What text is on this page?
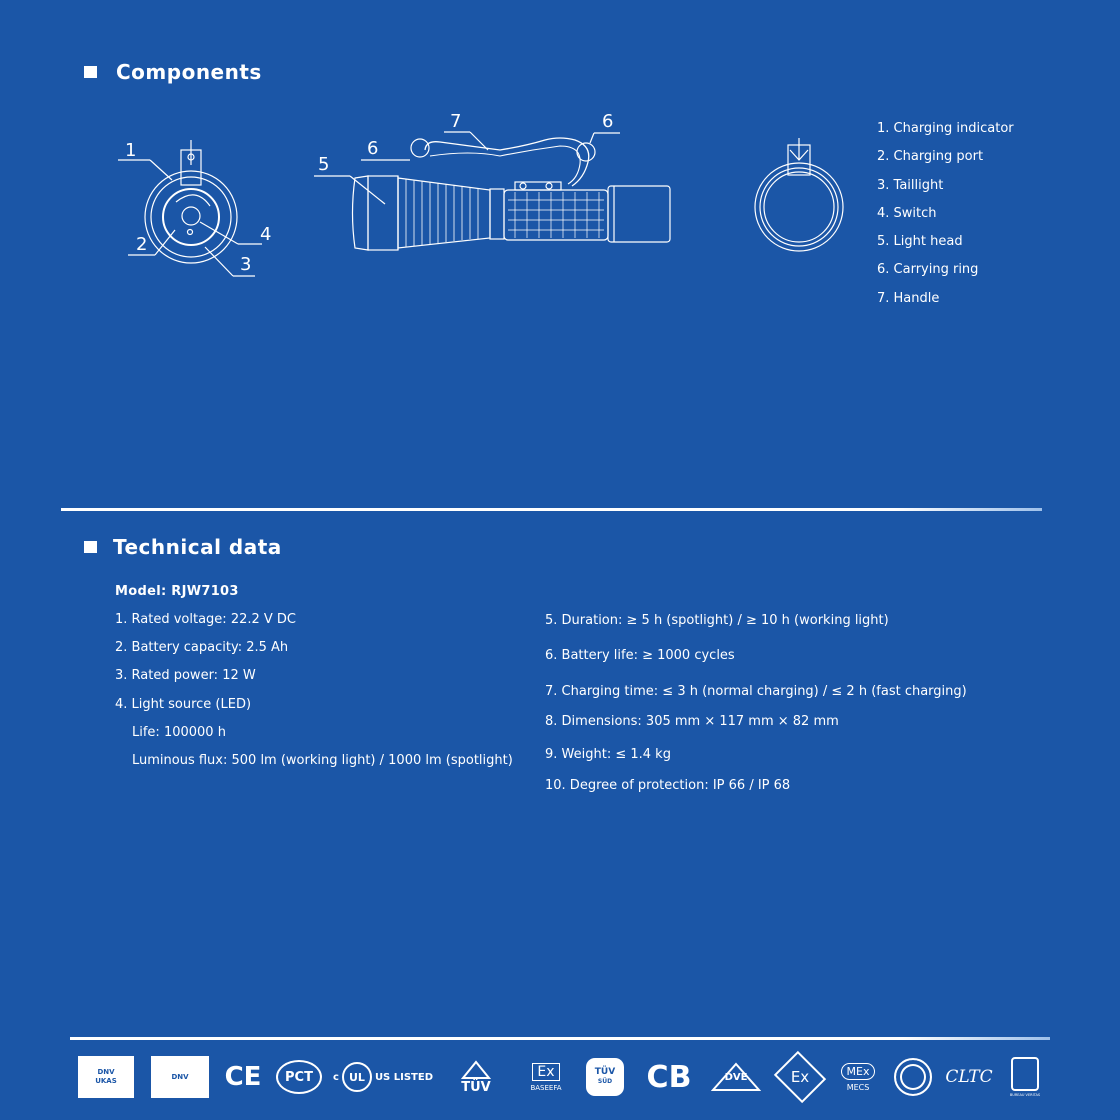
Components
1
2
3
4
5
6
6
7	1. Charging indicator
2. Charging port
3. Taillight
4. Switch
5. Light head
6. Carrying ring
7. Handle
Technical data
Model: RJW7103
1. Rated voltage: 22.2 V DC
2. Battery capacity: 2.5 Ah
3. Rated power: 12 W
4. Light source (LED)
Life: 100000 h
Luminous flux: 500 lm (working light) / 1000 lm (spotlight)
5. Duration: ≥ 5 h (spotlight) / ≥ 10 h (working light)
6. Battery life: ≥ 1000 cycles
7. Charging time: ≤ 3 h (normal charging) / ≤ 2 h (fast charging)
8. Dimensions: 305 mm × 117 mm × 82 mm
9. Weight: ≤ 1.4 kg
10. Degree of protection: IP 66 / IP 68
DNV
UKAS	DNV CE	PCT	c UL	US LISTED
TÜV
Ex
BASEEFA
TÜV
SÜD CB	DVE	Ex	MEx
MECS	CLTC
BUREAU VERITAS
